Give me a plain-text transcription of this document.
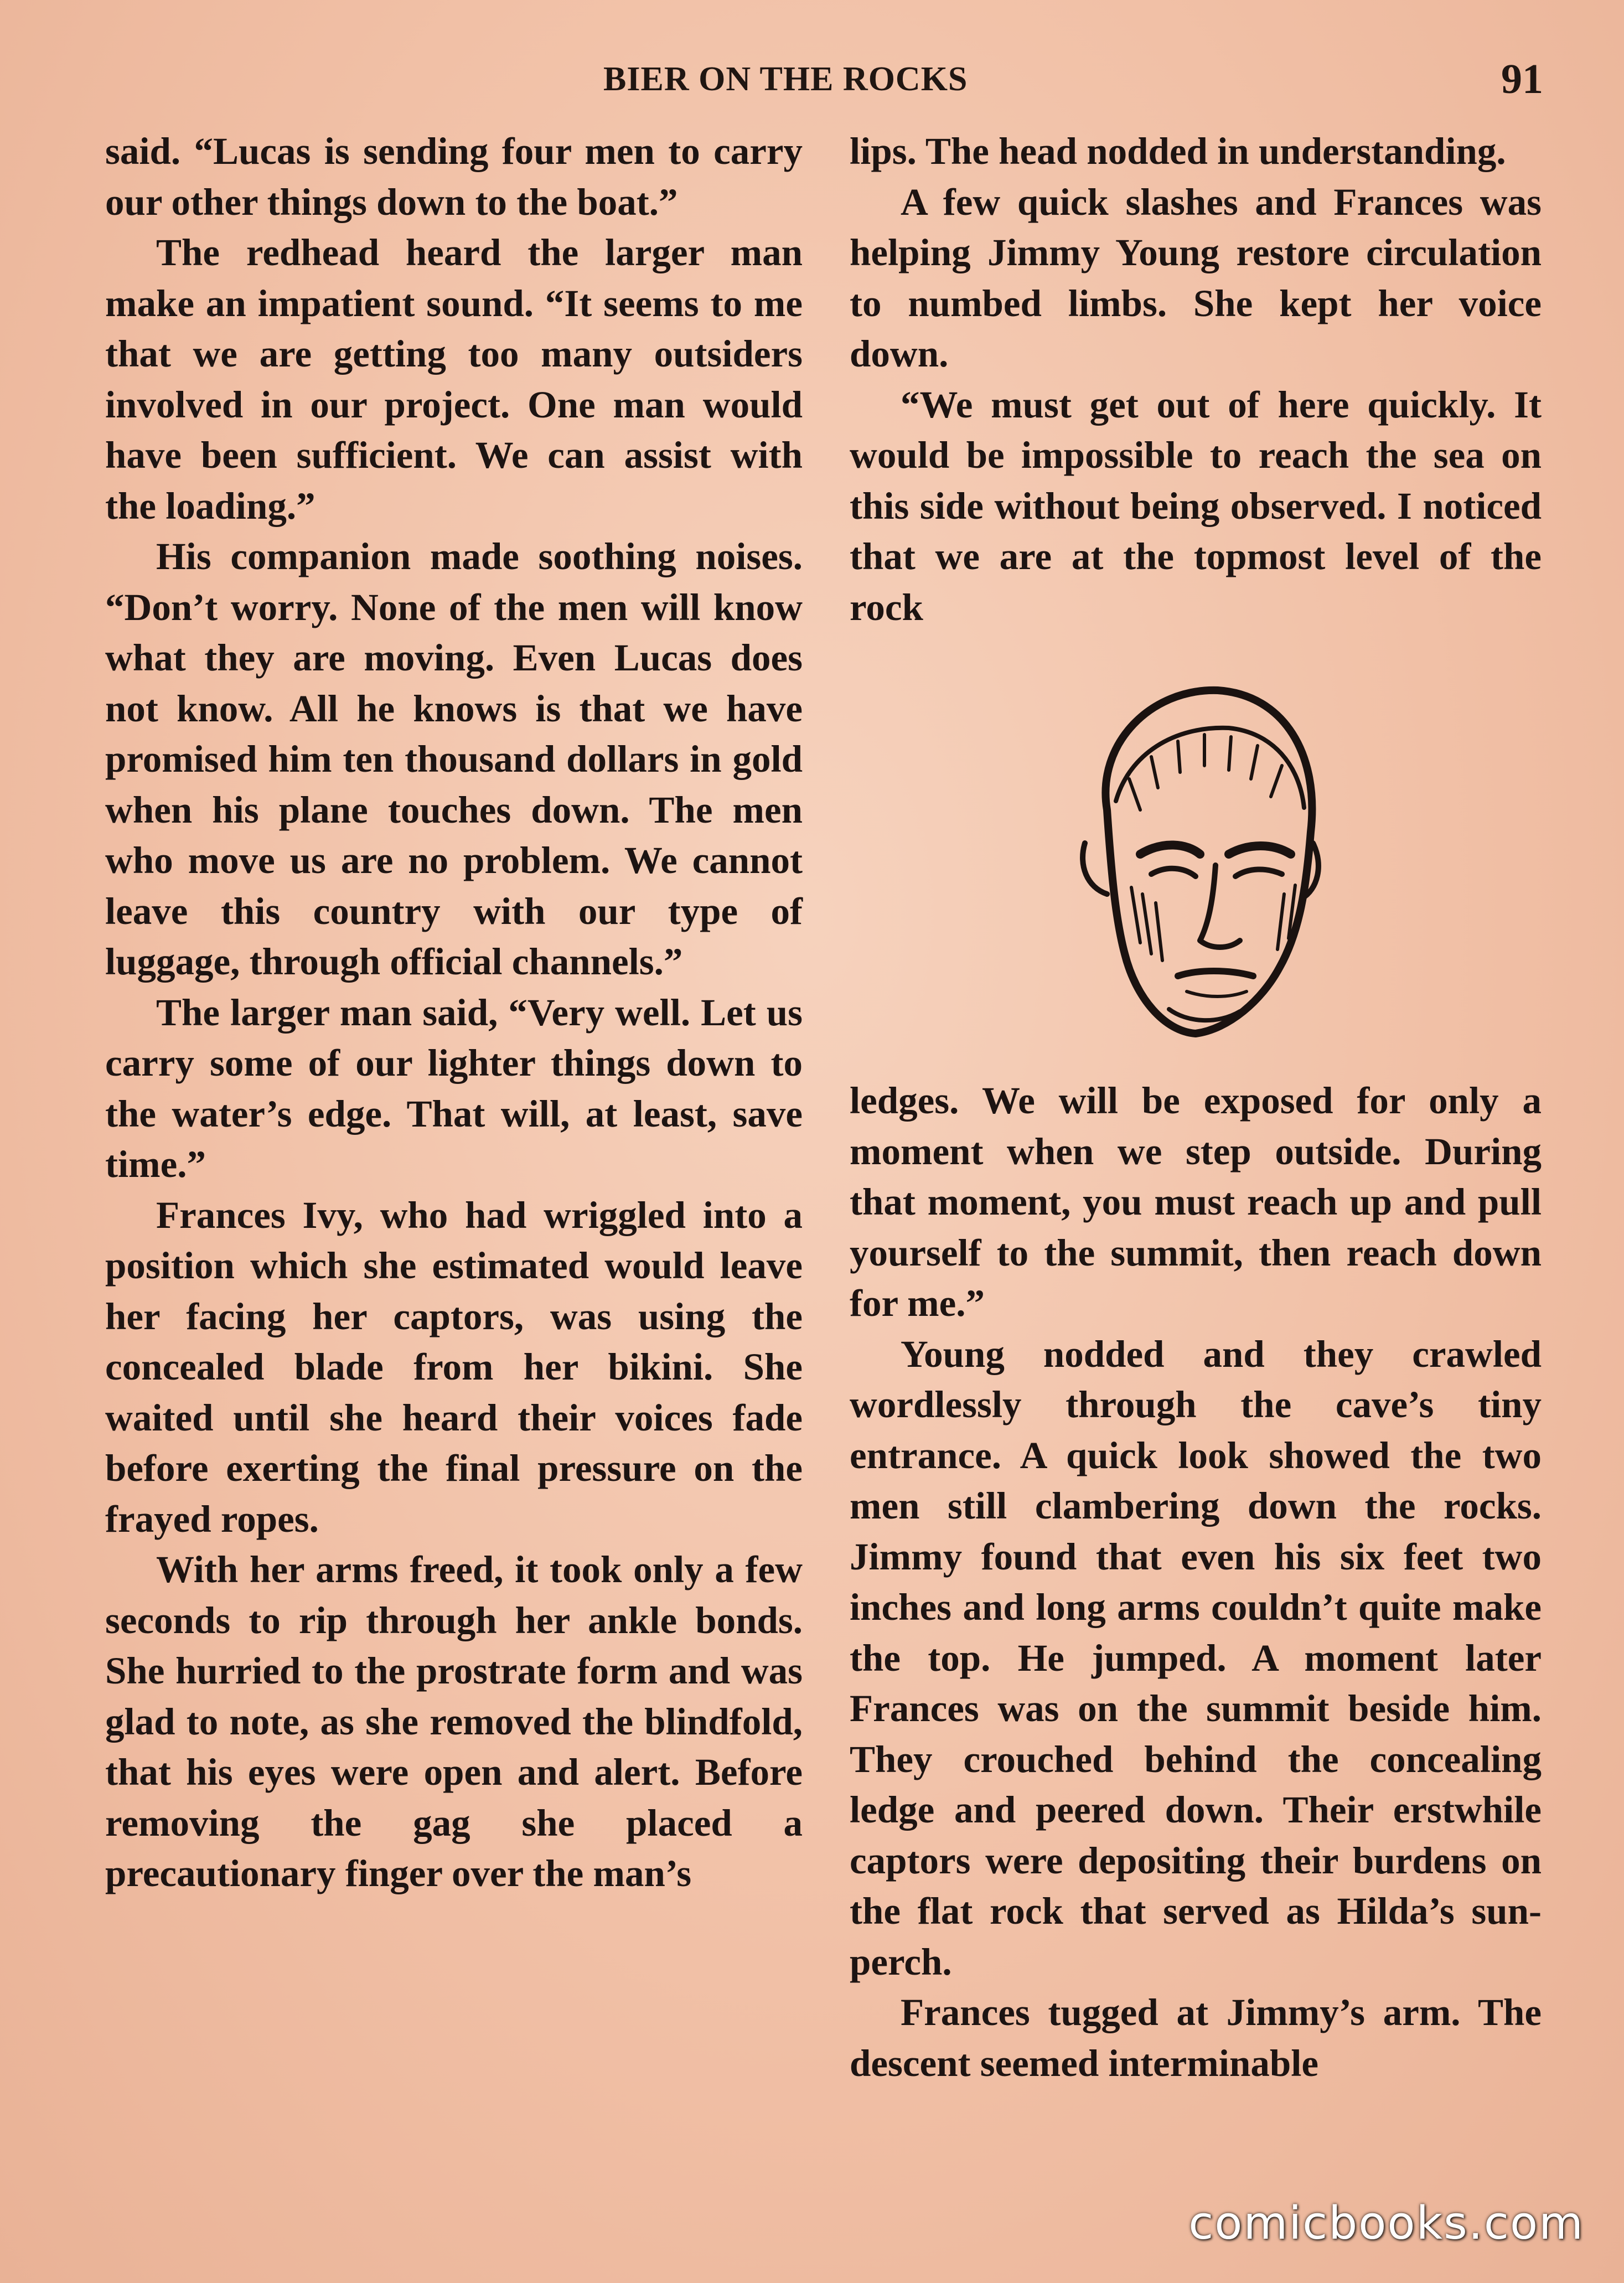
BIER ON THE ROCKS	91

said. “Lucas is sending four men to carry our other things down to the boat.”

The redhead heard the larger man make an impatient sound. “It seems to me that we are getting too many outsiders involved in our project. One man would have been sufficient. We can assist with the loading.”

His companion made soothing noises. “Don’t worry. None of the men will know what they are moving. Even Lucas does not know. All he knows is that we have promised him ten thousand dollars in gold when his plane touches down. The men who move us are no problem. We cannot leave this country with our type of luggage, through official channels.”

The larger man said, “Very well. Let us carry some of our lighter things down to the water’s edge. That will, at least, save time.”

Frances Ivy, who had wriggled into a position which she estimated would leave her facing her captors, was using the concealed blade from her bikini. She waited until she heard their voices fade before exerting the final pressure on the frayed ropes.

With her arms freed, it took only a few seconds to rip through her ankle bonds. She hurried to the prostrate form and was glad to note, as she removed the blindfold, that his eyes were open and alert. Before removing the gag she placed a precautionary finger over the man’s

lips. The head nodded in understanding.

A few quick slashes and Frances was helping Jimmy Young restore circulation to numbed limbs. She kept her voice down.

“We must get out of here quickly. It would be impossible to reach the sea on this side without being observed. I noticed that we are at the topmost level of the rock

ledges. We will be exposed for only a moment when we step outside. During that moment, you must reach up and pull yourself to the summit, then reach down for me.”

Young nodded and they crawled wordlessly through the cave’s tiny entrance. A quick look showed the two men still clambering down the rocks. Jimmy found that even his six feet two inches and long arms couldn’t quite make the top. He jumped. A moment later Frances was on the summit beside him. They crouched behind the concealing ledge and peered down. Their erstwhile captors were depositing their burdens on the flat rock that served as Hilda’s sun-perch.

Frances tugged at Jimmy’s arm. The descent seemed interminable

comicbooks.com
